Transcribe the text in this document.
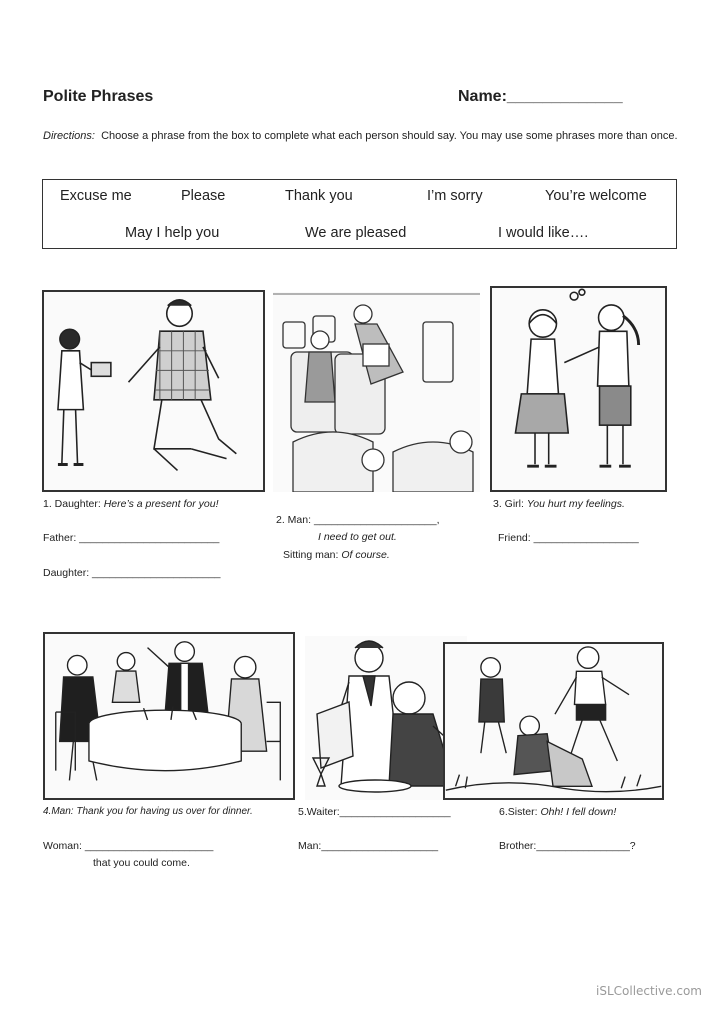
Polite Phrases	Name:_____________
Directions: Choose a phrase from the box to complete what each person should say. You may use some phrases more than once.
Excuse me	Please	Thank you	I’m sorry	You’re welcome
May I help you	We are pleased	I would like….
1. Daughter: Here’s a present for you!
Father: ________________________
Daughter: ______________________
2. Man: _____________________,
I need to get out.
Sitting man: Of course.
3. Girl: You hurt my feelings.
Friend: __________________
4.Man: Thank you for having us over for dinner.
Woman: ______________________
that you could come.
5.Waiter:___________________
Man:____________________
6.Sister: Ohh! I fell down!
Brother:________________?
iSLCollective.com
